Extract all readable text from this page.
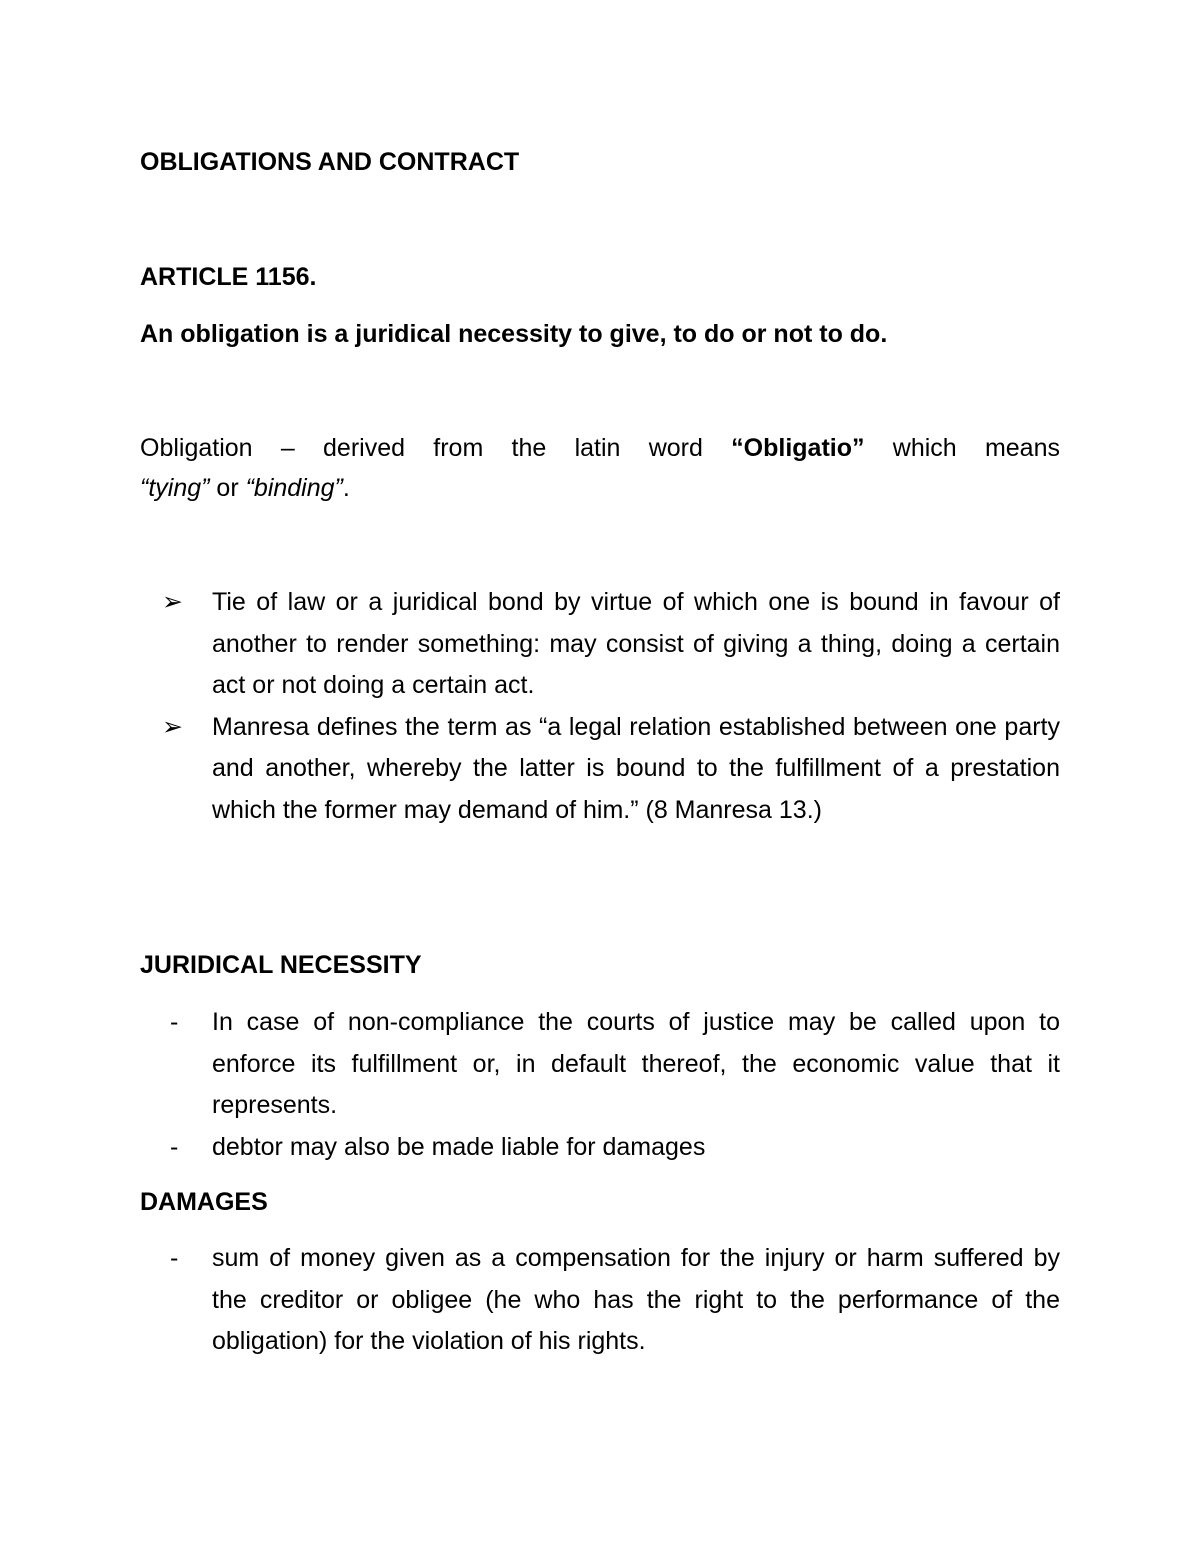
OBLIGATIONS AND CONTRACT
ARTICLE 1156.
An obligation is a juridical necessity to give, to do or not to do.
Obligation – derived from the latin word “Obligatio” which means
“tying” or “binding”.
➢	Tie of law or a juridical bond by virtue of which one is bound in favour of another to render something: may consist of giving a thing, doing a certain act or not doing a certain act.
➢	Manresa defines the term as “a legal relation established between one party and another, whereby the latter is bound to the fulfillment of a prestation which the former may demand of him.” (8 Manresa 13.)
JURIDICAL NECESSITY
- In case of non-compliance the courts of justice may be called upon to enforce its fulfillment or, in default thereof, the economic value that it represents.
- debtor may also be made liable for damages
DAMAGES
- sum of money given as a compensation for the injury or harm suffered by the creditor or obligee (he who has the right to the performance of the obligation) for the violation of his rights.
